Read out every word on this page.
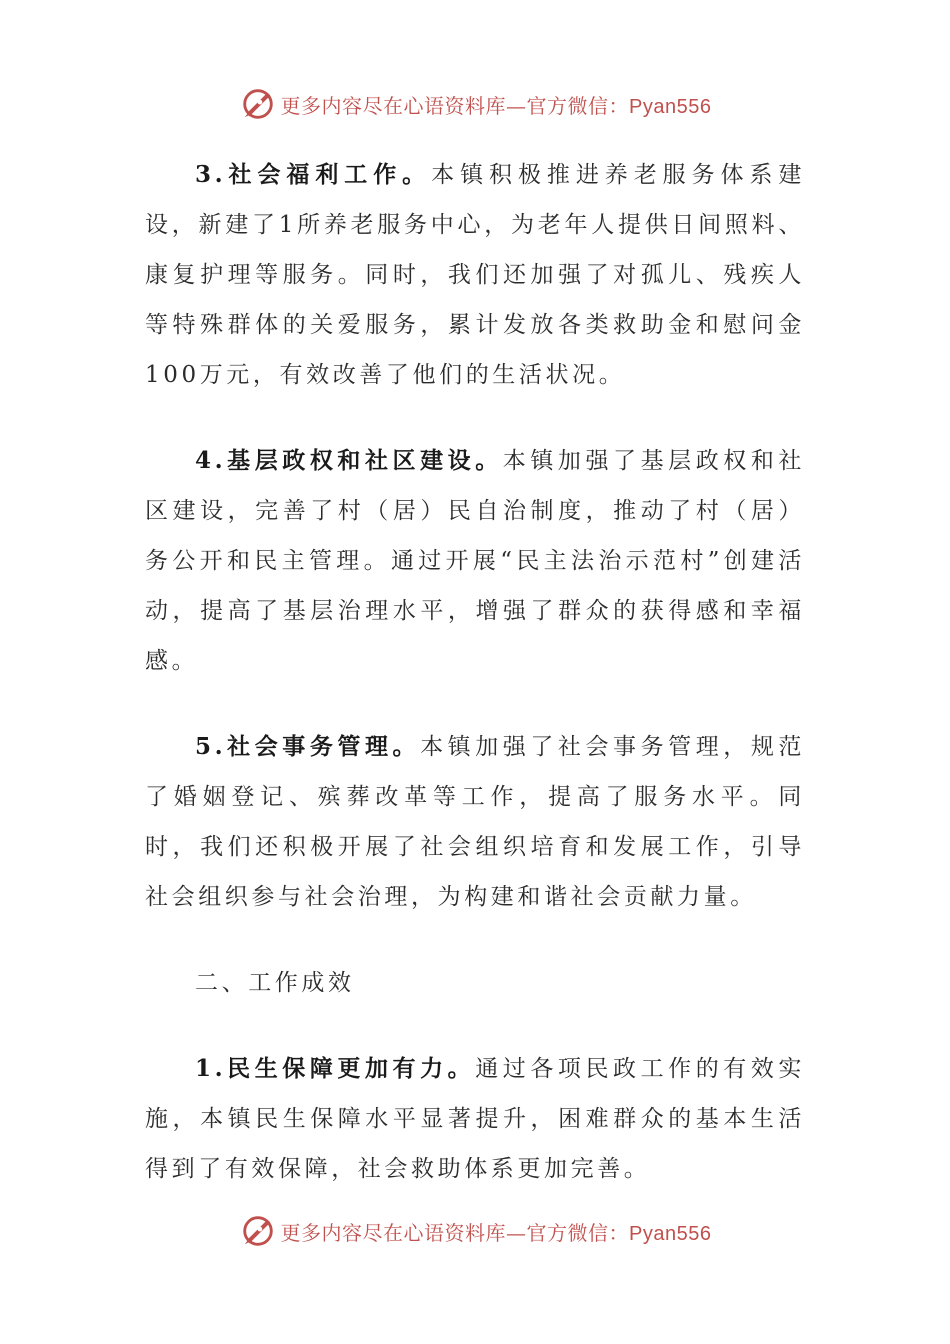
更多内容尽在心语资料库—官方微信：Pyan556

3.社会福利工作。本镇积极推进养老服务体系建设，新建了1所养老服务中心，为老年人提供日间照料、康复护理等服务。同时，我们还加强了对孤儿、残疾人等特殊群体的关爱服务，累计发放各类救助金和慰问金100万元，有效改善了他们的生活状况。

4.基层政权和社区建设。本镇加强了基层政权和社区建设，完善了村（居）民自治制度，推动了村（居）务公开和民主管理。通过开展“民主法治示范村”创建活动，提高了基层治理水平，增强了群众的获得感和幸福感。

5.社会事务管理。本镇加强了社会事务管理，规范了婚姻登记、殡葬改革等工作，提高了服务水平。同时，我们还积极开展了社会组织培育和发展工作，引导社会组织参与社会治理，为构建和谐社会贡献力量。

二、工作成效

1.民生保障更加有力。通过各项民政工作的有效实施，本镇民生保障水平显著提升，困难群众的基本生活得到了有效保障，社会救助体系更加完善。

更多内容尽在心语资料库—官方微信：Pyan556
